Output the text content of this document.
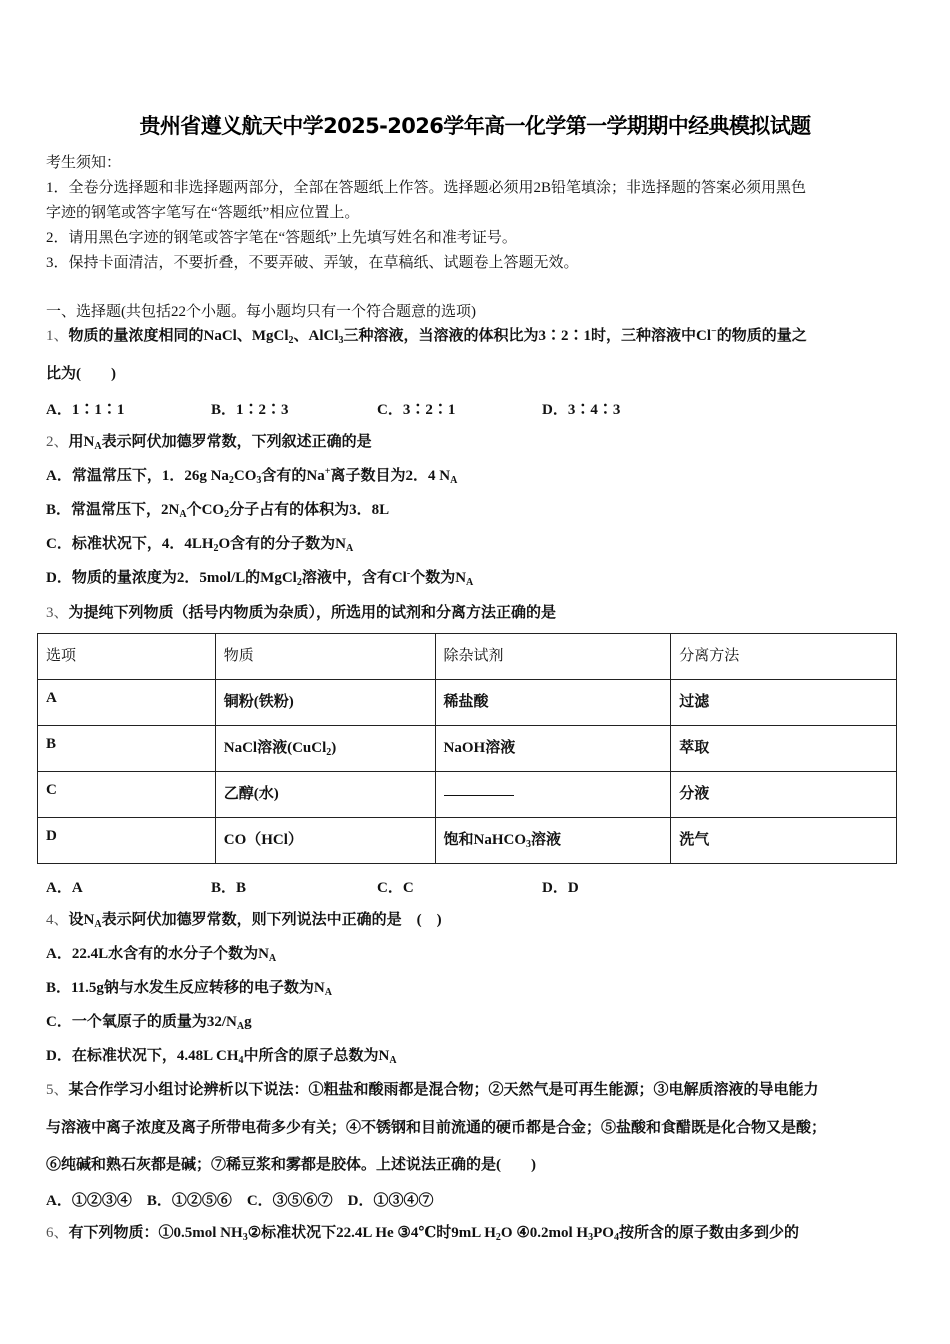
贵州省遵义航天中学2025-2026学年高一化学第一学期期中经典模拟试题
考生须知：
1．全卷分选择题和非选择题两部分，全部在答题纸上作答。选择题必须用2B铅笔填涂；非选择题的答案必须用黑色
字迹的钢笔或答字笔写在“答题纸”相应位置上。
2．请用黑色字迹的钢笔或答字笔在“答题纸”上先填写姓名和准考证号。
3．保持卡面清洁，不要折叠，不要弄破、弄皱，在草稿纸、试题卷上答题无效。
一、选择题(共包括22个小题。每小题均只有一个符合题意的选项)
1、物质的量浓度相同的NaCl、MgCl$_2$、AlCl$_3$三种溶液，当溶液的体积比为3∶2∶1时，三种溶液中Cl−的物质的量之
比为(　　)
A．1∶1∶1	B．1∶2∶3	C．3∶2∶1	D．3∶4∶3
2、用$N_A$表示阿伏加德罗常数，下列叙述正确的是
A．常温常压下，1．26g $Na_2CO_3$含有的Na+离子数目为2．4 $N_A$
B．常温常压下，$2N_A$个$CO_2$分子占有的体积为3．8L
C．标准状况下，4．$4LH_2O$含有的分子数为$N_A$
D．物质的量浓度为2．5mol/L的MgCl$_2$溶液中，含有Cl-个数为$N_A$
3、为提纯下列物质（括号内物质为杂质），所选用的试剂和分离方法正确的是
选项	物质	除杂试剂	分离方法
A	铜粉(铁粉)	稀盐酸	过滤
B	NaCl溶液(CuCl$_2$)	NaOH溶液	萃取
C	乙醇(水)		分液
D	CO（HCl）	饱和NaHCO$_3$溶液	洗气
A．A	B．B	C．C	D．D
4、设$N_A$表示阿伏加德罗常数，则下列说法中正确的是　(　)
A．22.4L水含有的水分子个数为$N_A$
B．11.5g钠与水发生反应转移的电子数为$N_A$
C．一个氧原子的质量为$32/N_Ag$
D．在标准状况下，4.48L $CH_4$中所含的原子总数为$N_A$
5、某合作学习小组讨论辨析以下说法：①粗盐和酸雨都是混合物；②天然气是可再生能源；③电解质溶液的导电能力
与溶液中离子浓度及离子所带电荷多少有关；④不锈钢和目前流通的硬币都是合金；⑤盐酸和食醋既是化合物又是酸；
⑥纯碱和熟石灰都是碱；⑦稀豆浆和雾都是胶体。上述说法正确的是(　　)
A．①②③④　B．①②⑤⑥　C．③⑤⑥⑦　D．①③④⑦
6、有下列物质：①0.5mol $NH_3②$标准状况下22.4L He ③4℃时9mL $H_2O$ ④0.2mol $H_3PO_4$按所含的原子数由多到少的
